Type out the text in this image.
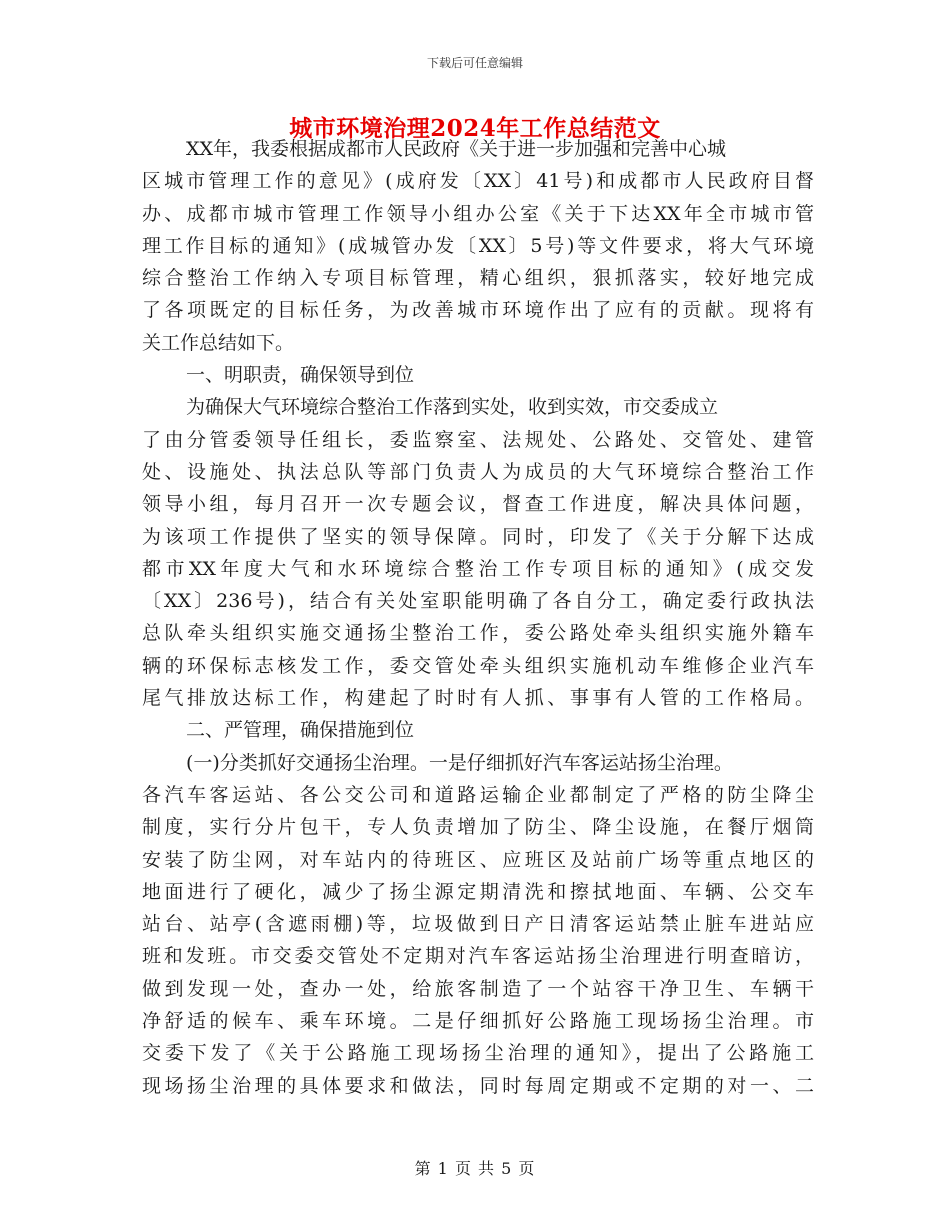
下载后可任意编辑
城市环境治理2024年工作总结范文
XX年，我委根据成都市人民政府《关于进一步加强和完善中心城
区城市管理工作的意见》(成府发〔XX〕41号)和成都市人民政府目督
办、成都市城市管理工作领导小组办公室《关于下达XX年全市城市管
理工作目标的通知》(成城管办发〔XX〕5号)等文件要求，将大气环境
综合整治工作纳入专项目标管理，精心组织，狠抓落实，较好地完成
了各项既定的目标任务，为改善城市环境作出了应有的贡献。现将有
关工作总结如下。
一、明职责，确保领导到位
为确保大气环境综合整治工作落到实处，收到实效，市交委成立
了由分管委领导任组长，委监察室、法规处、公路处、交管处、建管
处、设施处、执法总队等部门负责人为成员的大气环境综合整治工作
领导小组，每月召开一次专题会议，督查工作进度，解决具体问题，
为该项工作提供了坚实的领导保障。同时，印发了《关于分解下达成
都市XX年度大气和水环境综合整治工作专项目标的通知》(成交发
〔XX〕236号)，结合有关处室职能明确了各自分工，确定委行政执法
总队牵头组织实施交通扬尘整治工作，委公路处牵头组织实施外籍车
辆的环保标志核发工作，委交管处牵头组织实施机动车维修企业汽车
尾气排放达标工作，构建起了时时有人抓、事事有人管的工作格局。
二、严管理，确保措施到位
(一)分类抓好交通扬尘治理。一是仔细抓好汽车客运站扬尘治理。
各汽车客运站、各公交公司和道路运输企业都制定了严格的防尘降尘
制度，实行分片包干，专人负责增加了防尘、降尘设施，在餐厅烟筒
安装了防尘网，对车站内的待班区、应班区及站前广场等重点地区的
地面进行了硬化，减少了扬尘源定期清洗和擦拭地面、车辆、公交车
站台、站亭(含遮雨棚)等，垃圾做到日产日清客运站禁止脏车进站应
班和发班。市交委交管处不定期对汽车客运站扬尘治理进行明查暗访，
做到发现一处，查办一处，给旅客制造了一个站容干净卫生、车辆干
净舒适的候车、乘车环境。二是仔细抓好公路施工现场扬尘治理。市
交委下发了《关于公路施工现场扬尘治理的通知》，提出了公路施工
现场扬尘治理的具体要求和做法，同时每周定期或不定期的对一、二
第 1 页 共 5 页
